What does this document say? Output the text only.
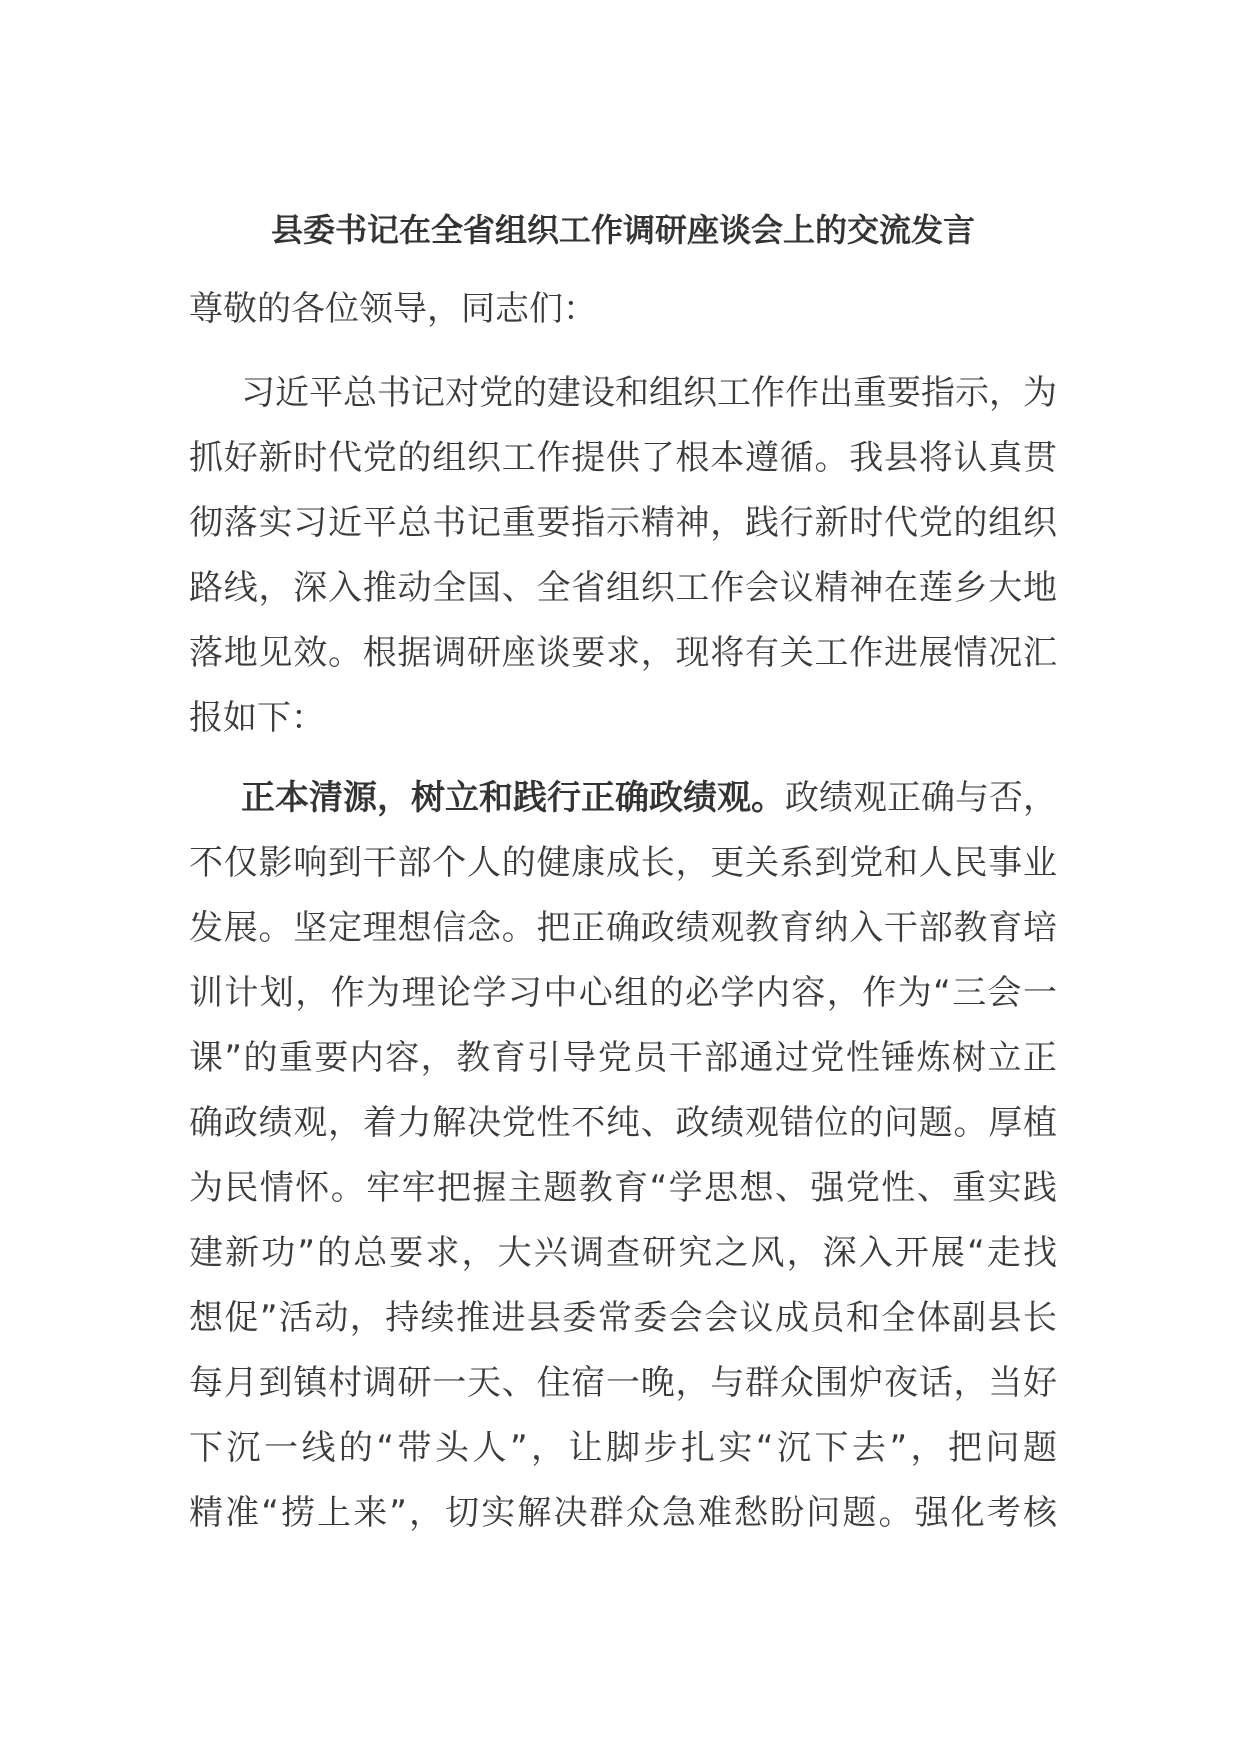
县委书记在全省组织工作调研座谈会上的交流发言
尊敬的各位领导，同志们：
习近平总书记对党的建设和组织工作作出重要指示，为
抓好新时代党的组织工作提供了根本遵循。我县将认真贯
彻落实习近平总书记重要指示精神，践行新时代党的组织
路线，深入推动全国、全省组织工作会议精神在莲乡大地
落地见效。根据调研座谈要求，现将有关工作进展情况汇
报如下：
正本清源，树立和践行正确政绩观。政绩观正确与否，
不仅影响到干部个人的健康成长，更关系到党和人民事业
发展。坚定理想信念。把正确政绩观教育纳入干部教育培
训计划，作为理论学习中心组的必学内容，作为“三会一
课”的重要内容，教育引导党员干部通过党性锤炼树立正
确政绩观，着力解决党性不纯、政绩观错位的问题。厚植
为民情怀。牢牢把握主题教育“学思想、强党性、重实践
建新功”的总要求，大兴调查研究之风，深入开展“走找
想促”活动，持续推进县委常委会会议成员和全体副县长
每月到镇村调研一天、住宿一晚，与群众围炉夜话，当好
下沉一线的“带头人”，让脚步扎实“沉下去”，把问题
精准“捞上来”，切实解决群众急难愁盼问题。强化考核
